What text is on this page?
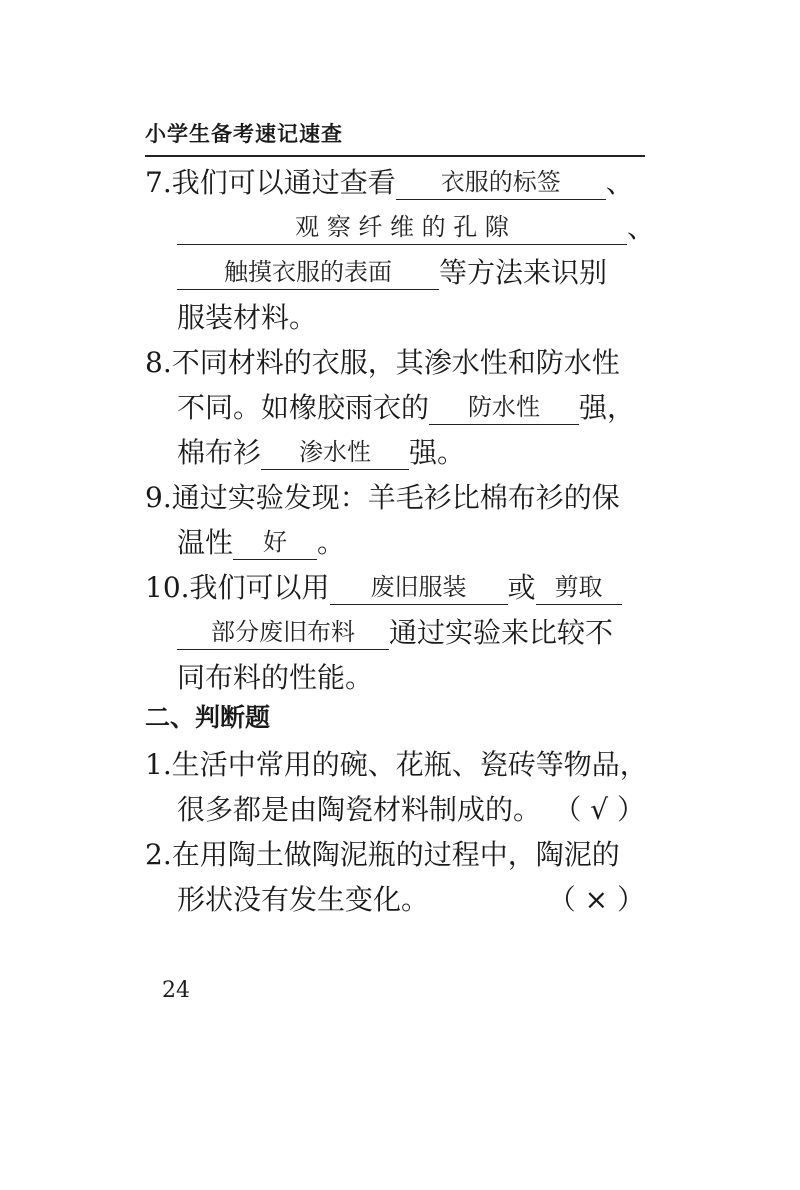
小学生备考速记速查
7.我们可以通过查看 衣服的标签 、
观 察 纤 维 的 孔 隙	、
触摸衣服的表面 等方法来识别
服装材料。
8.不同材料的衣服，其渗水性和防水性
不同。如橡胶雨衣的 防水性 强，
棉布衫 渗水性 强。
9.通过实验发现：羊毛衫比棉布衫的保
温性 好 。
10.我们可以用 废旧服装 或 剪取
部分废旧布料 通过实验来比较不
同布料的性能。
二、判断题
1.生活中常用的碗、花瓶、瓷砖等物品，
很多都是由陶瓷材料制成的。 （ √ ）
2.在用陶土做陶泥瓶的过程中，陶泥的
形状没有发生变化。	（ × ）
24
